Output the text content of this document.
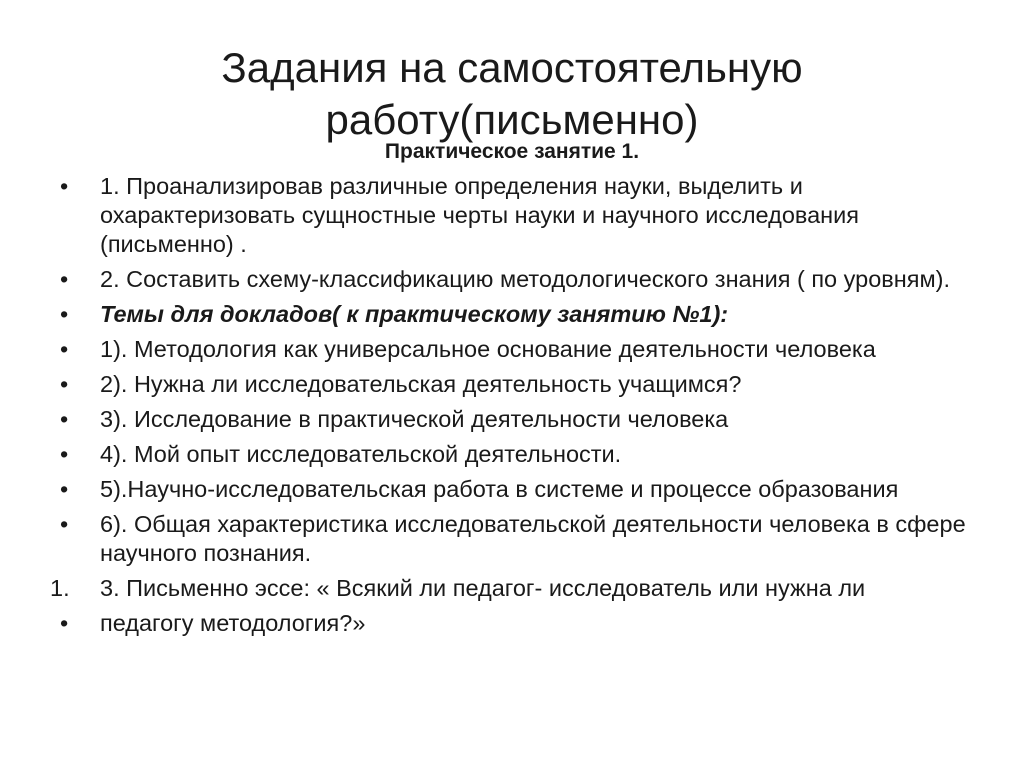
Задания на самостоятельную работу(письменно)
Практическое занятие 1.
•	1. Проанализировав различные определения науки, выделить и охарактеризовать сущностные черты науки и научного исследования (письменно) .
•	2. Составить схему-классификацию методологического знания ( по уровням).
•	Темы для докладов( к практическому занятию №1):
•	1). Методология как универсальное основание деятельности человека
•	2). Нужна ли исследовательская деятельность учащимся?
•	3). Исследование в практической деятельности человека
•	4). Мой опыт исследовательской деятельности.
•	5).Научно-исследовательская работа в системе и процессе образования
•	6). Общая характеристика исследовательской деятельности человека в сфере научного познания.
1.	3. Письменно эссе: « Всякий ли педагог- исследователь или нужна ли
•	педагогу методология?»
